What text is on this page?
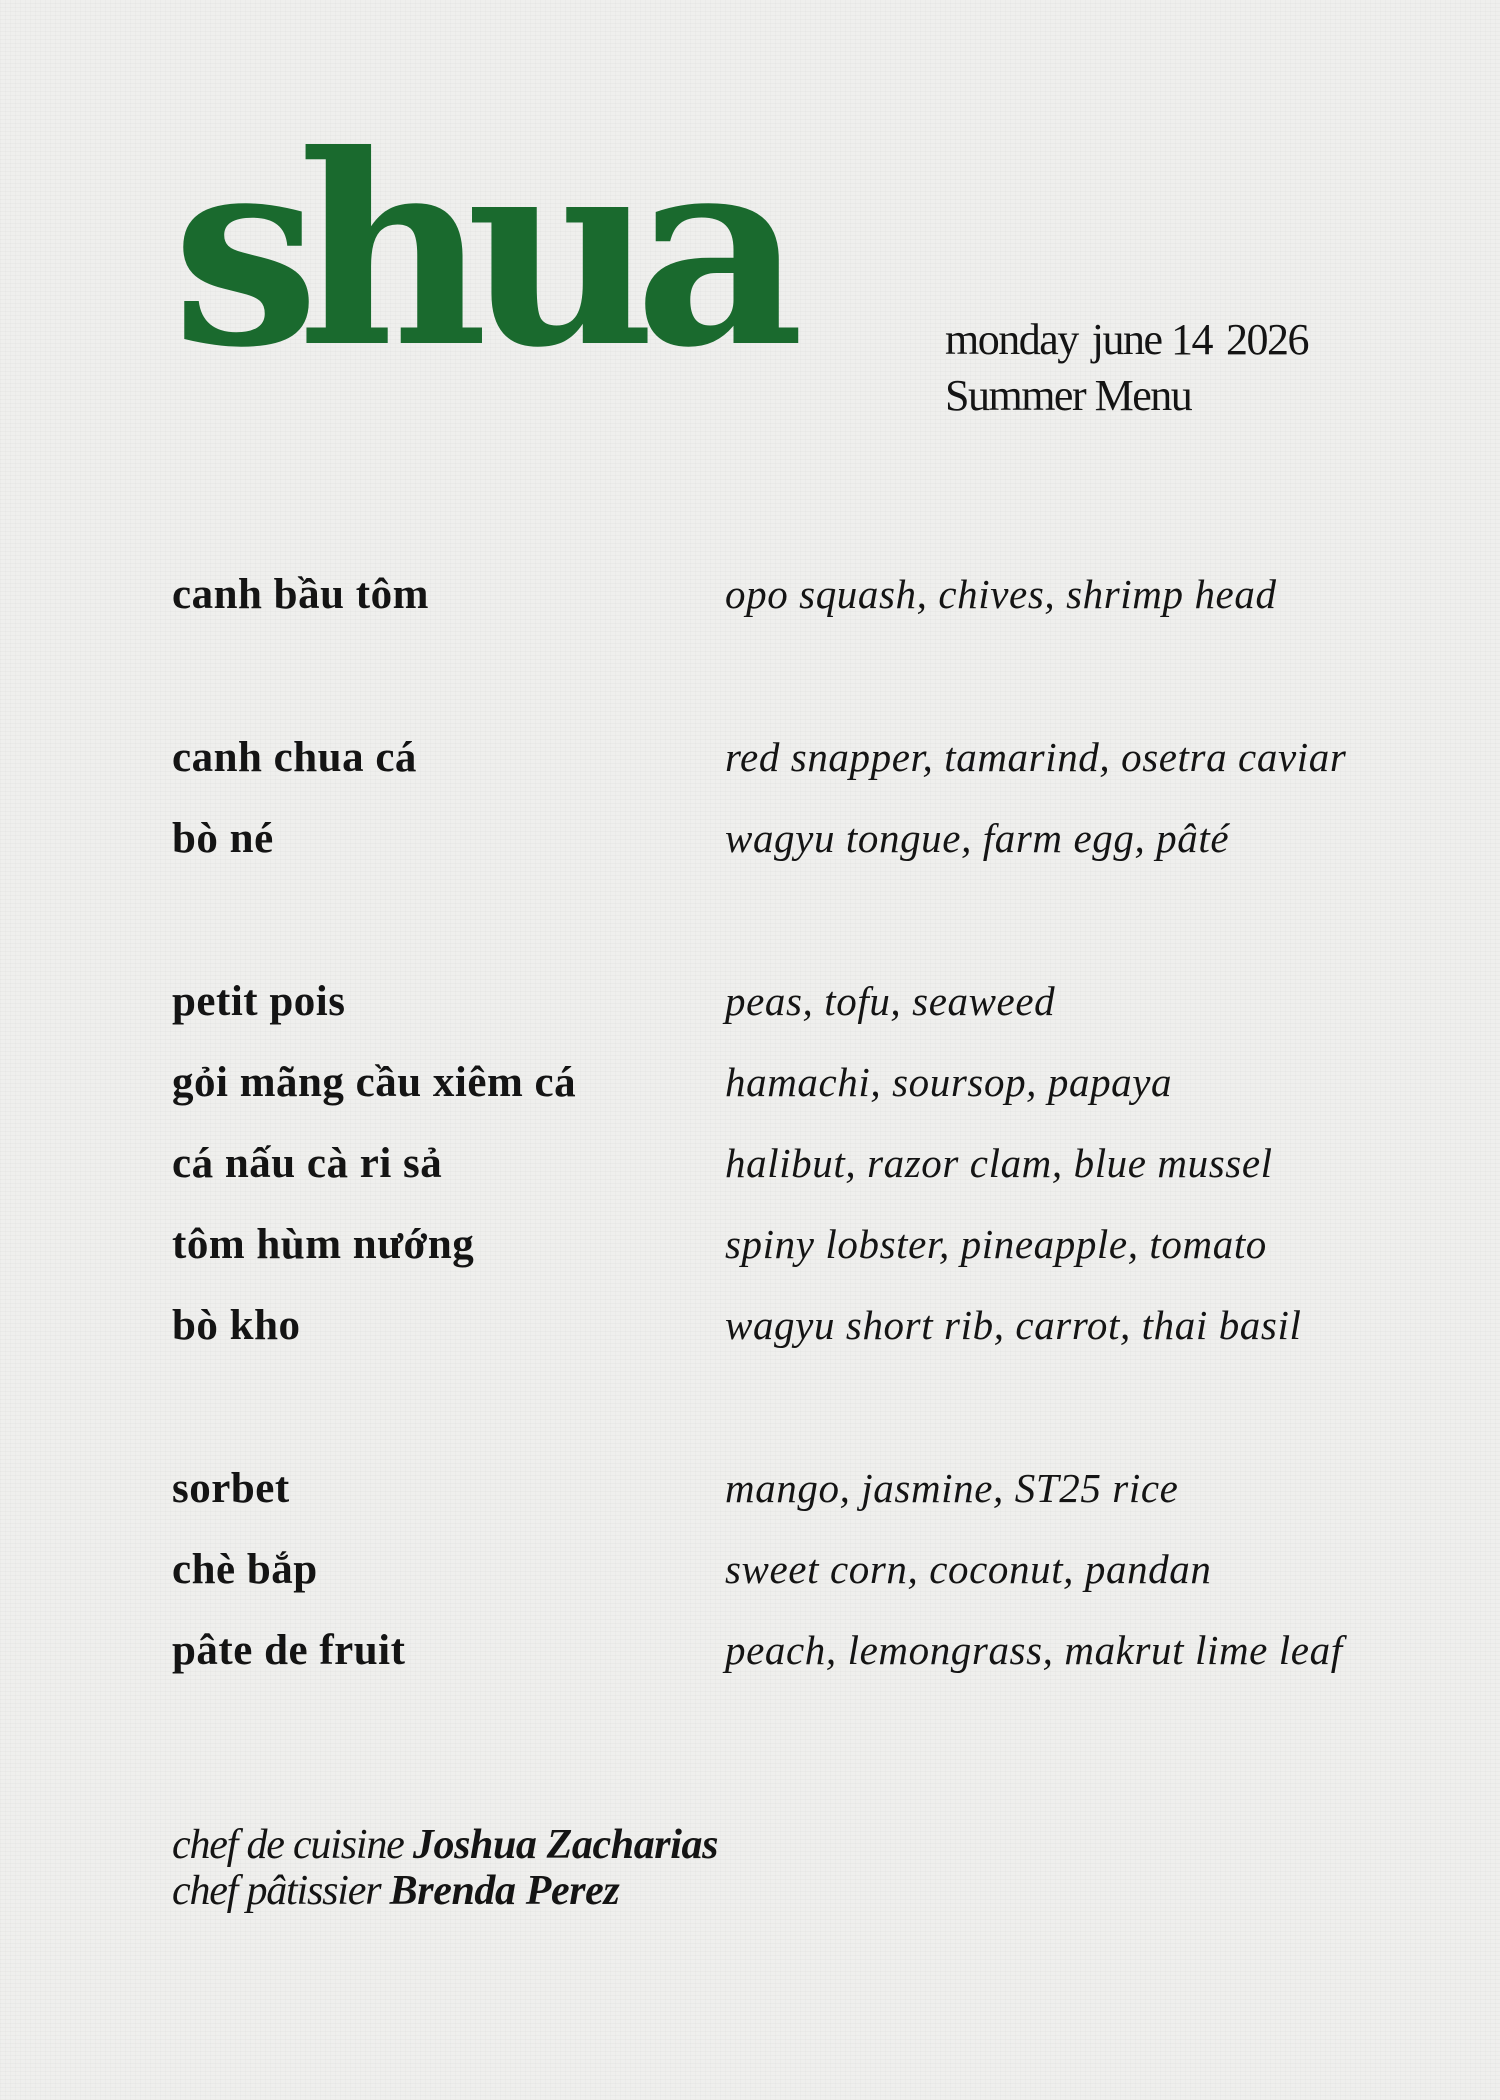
shua	monday june 14 2026
Summer Menu
canh bầu tôm	opo squash, chives, shrimp head
canh chua cá	red snapper, tamarind, osetra caviar
bò né	wagyu tongue, farm egg, pâté
petit pois	peas, tofu, seaweed
gỏi mãng cầu xiêm cá	hamachi, soursop, papaya
cá nấu cà ri sả	halibut, razor clam, blue mussel
tôm hùm nướng	spiny lobster, pineapple, tomato
bò kho	wagyu short rib, carrot, thai basil
sorbet	mango, jasmine, ST25 rice
chè bắp	sweet corn, coconut, pandan
pâte de fruit	peach, lemongrass, makrut lime leaf
chef de cuisine Joshua Zacharias
chef pâtissier Brenda Perez
